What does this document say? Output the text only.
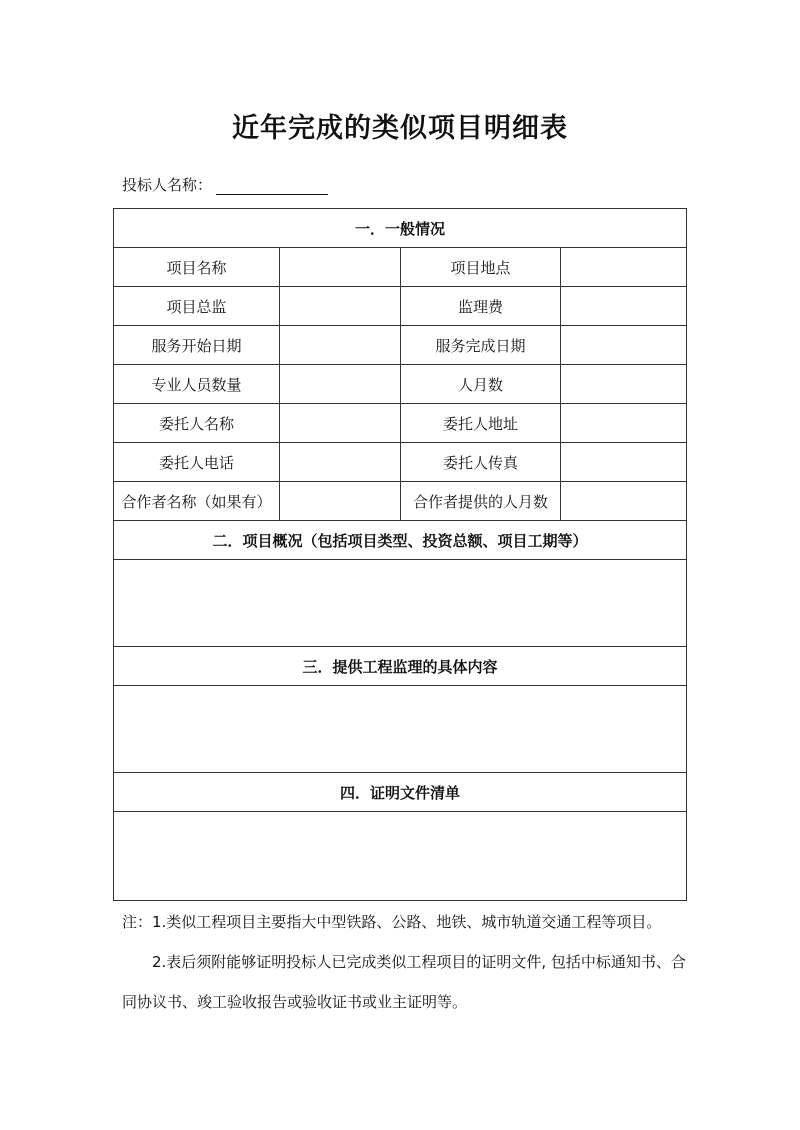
近年完成的类似项目明细表
投标人名称：
一．一般情况			
项目名称		项目地点	
项目总监		监理费	
服务开始日期		服务完成日期	
专业人员数量		人月数	
委托人名称		委托人地址	
委托人电话		委托人传真	
合作者名称（如果有）		合作者提供的人月数	
二．项目概况（包括项目类型、投资总额、项目工期等）			

三．提供工程监理的具体内容			

四．证明文件清单			

注：1.类似工程项目主要指大中型铁路、公路、地铁、城市轨道交通工程等项目。
2.表后须附能够证明投标人已完成类似工程项目的证明文件, 包括中标通知书、合同协议书、竣工验收报告或验收证书或业主证明等。
